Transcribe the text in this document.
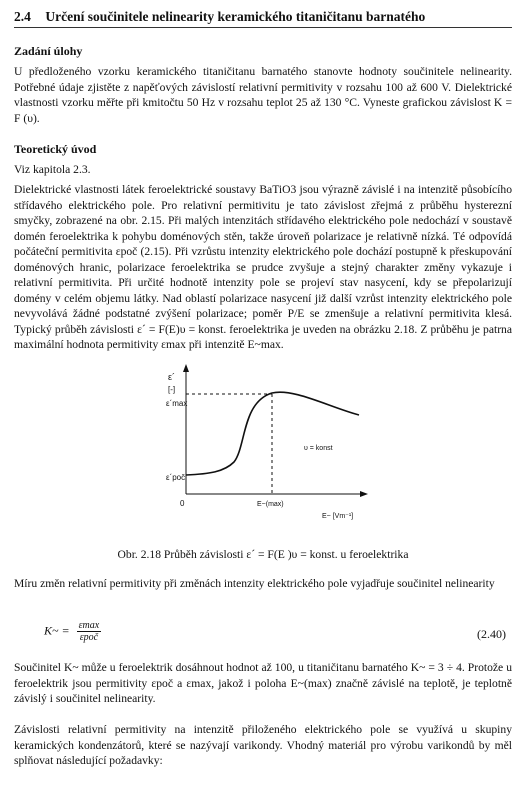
2.4 Určení součinitele nelinearity keramického titaničitanu barnatého
Zadání úlohy
U předloženého vzorku keramického titaničitanu barnatého stanovte hodnoty součinitele nelinearity. Potřebné údaje zjistěte z napěťových závislostí relativní permitivity v rozsahu 100 až 600 V. Dielektrické vlastnosti vzorku měřte při kmitočtu 50 Hz v rozsahu teplot 25 až 130 °C. Vyneste grafickou závislost K = F (υ).
Teoretický úvod
Viz kapitola 2.3.
Dielektrické vlastnosti látek feroelektrické soustavy BaTiO3 jsou výrazně závislé i na intenzitě působícího střídavého elektrického pole. Pro relativní permitivitu je tato závislost zřejmá z průběhu hysterezní smyčky, zobrazené na obr. 2.15. Při malých intenzitách střídavého elektrického pole nedochází v soustavě domén feroelektrika k pohybu doménových stěn, takže úroveň polarizace je relativně nízká. Té odpovídá počáteční permitivita εpoč (2.15). Při vzrůstu intenzity elektrického pole dochází postupně k přeskupování doménových hranic, polarizace feroelektrika se prudce zvyšuje a stejný charakter změny vykazuje i relativní permitivita. Při určité hodnotě intenzity pole se projeví stav nasycení, kdy se přepolarizují domény v celém objemu látky. Nad oblastí polarizace nasycení již další vzrůst intenzity elektrického pole nevyvolává žádné podstatné zvýšení polarizace; poměr P/E se zmenšuje a relativní permitivita klesá. Typický průběh závislosti ε´ = F(E)υ = konst. feroelektrika je uveden na obrázku 2.18. Z průběhu je patrna maximální hodnota permitivity εmax při intenzitě E~max.
ε´
[-]
ε´max
ε´poč
0	E~(max)
E~ [Vm⁻¹]
υ = konst
Obr. 2.18 Průběh závislosti ε´ = F(E )υ = konst. u feroelektrika
Míru změn relativní permitivity při změnách intenzity elektrického pole vyjadřuje součinitel nelinearity
K~ = $\frac{\varepsilon\max}{\text{εpoč}}$	(2.40)
Součinitel K~ může u feroelektrik dosáhnout hodnot až 100, u titaničitanu barnatého K~ = 3 ÷ 4. Protože u feroelektrik jsou permitivity εpoč a εmax, jakož i poloha E~(max) značně závislé na teplotě, je teplotně závislý i součinitel nelinearity.
Závislosti relativní permitivity na intenzitě přiloženého elektrického pole se využívá u skupiny keramických kondenzátorů, které se nazývají varikondy. Vhodný materiál pro výrobu varikondů by měl splňovat následující požadavky:
